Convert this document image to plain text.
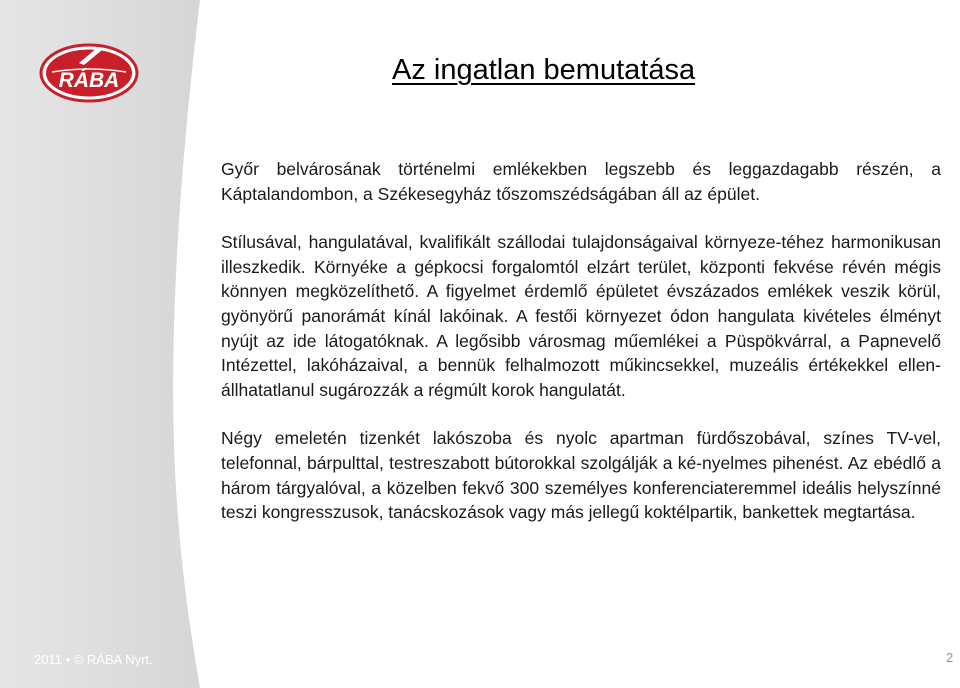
RÁBA	Az ingatlan bemutatása

Győr belvárosának történelmi emlékekben legszebb és leggazdagabb részén, a Káptalandombon, a Székesegyház tőszomszédságában áll az épület.

Stílusával, hangulatával, kvalifikált szállodai tulajdonságaival környeze-téhez harmonikusan illeszkedik. Környéke a gépkocsi forgalomtól elzárt terület, központi fekvése révén mégis könnyen megközelíthető. A figyelmet érdemlő épületet évszázados emlékek veszik körül, gyönyörű panorámát kínál lakóinak. A festői környezet ódon hangulata kivételes élményt nyújt az ide látogatóknak. A legősibb városmag műemlékei a Püspökvárral, a Papnevelő Intézettel, lakóházaival, a bennük felhalmozott műkincsekkel, muzeális értékekkel ellen-állhatatlanul sugározzák a régmúlt korok hangulatát.

Négy emeletén tizenkét lakószoba és nyolc apartman fürdőszobával, színes TV-vel, telefonnal, bárpulttal, testreszabott bútorokkal szolgálják a ké-nyelmes pihenést. Az ebédlő a három tárgyalóval, a közelben fekvő 300 személyes konferenciateremmel ideális helyszínné teszi kongresszusok, tanácskozások vagy más jellegű koktélpartik, bankettek megtartása.

2011 • © RÁBA Nyrt.	2
